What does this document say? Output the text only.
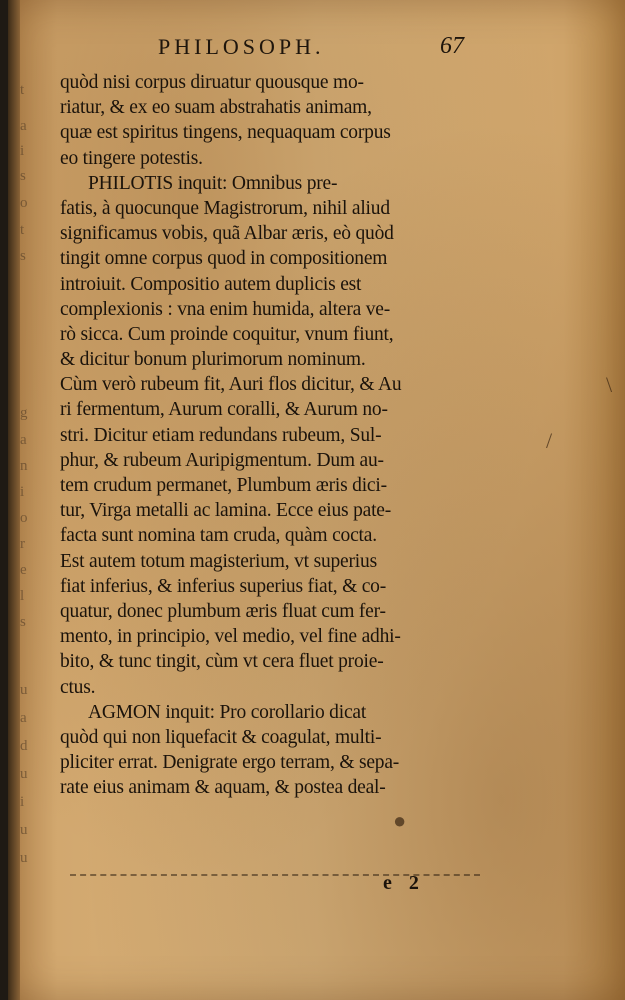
t
a
i
s
o
t
s
g
a
n
i
o
r
e
l
s
u
a
d
u
i
u
u
PHILOSOPH.	67
quòd nisi corpus diruatur quousque mo-
riatur, & ex eo suam abstrahatis animam,
quæ est spiritus tingens, nequaquam corpus
eo tingere potestis.
PHILOTIS inquit: Omnibus pre-
fatis, à quocunque Magistrorum, nihil aliud
significamus vobis, quã Albar æris, eò quòd
tingit omne corpus quod in compositionem
introiuit. Compositio autem duplicis est
complexionis : vna enim humida, altera ve-
rò sicca. Cum proinde coquitur, vnum fiunt,
& dicitur bonum plurimorum nominum.
Cùm verò rubeum fit, Auri flos dicitur, & Au
ri fermentum, Aurum coralli, & Aurum no-
stri. Dicitur etiam redundans rubeum, Sul-
phur, & rubeum Auripigmentum. Dum au-
tem crudum permanet, Plumbum æris dici-
tur, Virga metalli ac lamina. Ecce eius pate-
facta sunt nomina tam cruda, quàm cocta.
Est autem totum magisterium, vt superius
fiat inferius, & inferius superius fiat, & co-
quatur, donec plumbum æris fluat cum fer-
mento, in principio, vel medio, vel fine adhi-
bito, & tunc tingit, cùm vt cera fluet proie-
ctus.
AGMON inquit: Pro corollario dicat
quòd qui non liquefacit & coagulat, multi-
pliciter errat. Denigrate ergo terram, & sepa-
rate eius animam & aquam, & postea deal-
e 2
\
/
●
